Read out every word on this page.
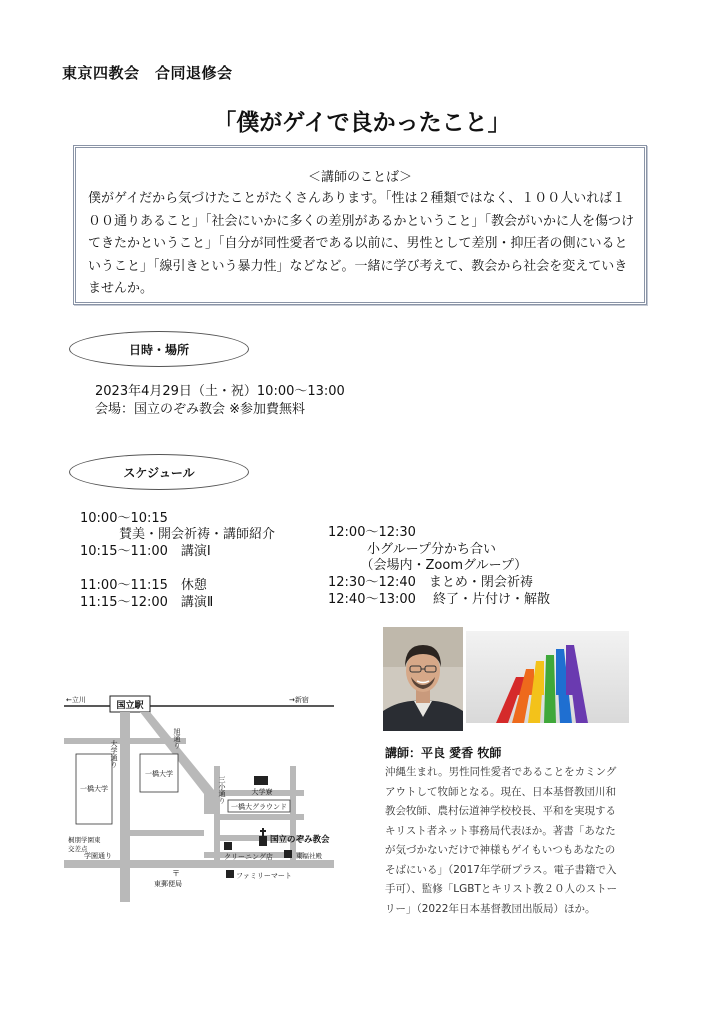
東京四教会　合同退修会
「僕がゲイで良かったこと」
＜講師のことば＞
僕がゲイだから気づけたことがたくさんあります。「性は２種類ではなく、１００人いれば１００通りあること」「社会にいかに多くの差別があるかということ」「教会がいかに人を傷つけてきたかということ」「自分が同性愛者である以前に、男性として差別・抑圧者の側にいるということ」「線引きという暴力性」などなど。一緒に学び考えて、教会から社会を変えていきませんか。
日時・場所
2023年4月29日（土・祝）10:00～13:00
会場：国立のぞみ教会 ※参加費無料
スケジュール
10:00～10:15
　　　賛美・開会祈祷・講師紹介
10:15～11:00　講演Ⅰ
11:00～11:15　休憩
11:15～12:00　講演Ⅱ
12:00～12:30
　　　小グループ分かち合い
　　　（会場内・Zoomグループ）
12:30～12:40　まとめ・閉会祈祷
12:40～13:00　 終了・片付け・解散
講師：平良 愛香 牧師
沖縄生まれ。男性同性愛者であることをカミングアウトして牧師となる。現在、日本基督教団川和教会牧師、農村伝道神学校校長、平和を実現するキリスト者ネット事務局代表ほか。著書「あなたが気づかないだけで神様もゲイもいつもあなたのそばにいる」（2017年学研プラス。電子書籍で入手可）、監修「LGBTとキリスト教２０人のストーリー」（2022年日本基督教団出版局）ほか。
国立駅
←立川	→新宿
一橋大学
一橋大学
大学寮
一橋大グラウンド
国立のぞみ教会
クリーニング店	東福社殿
ファミリーマート
〒
東郵便局
大学通り
旭通り
三小通り
学園通り
桐朋学園東 交差点
